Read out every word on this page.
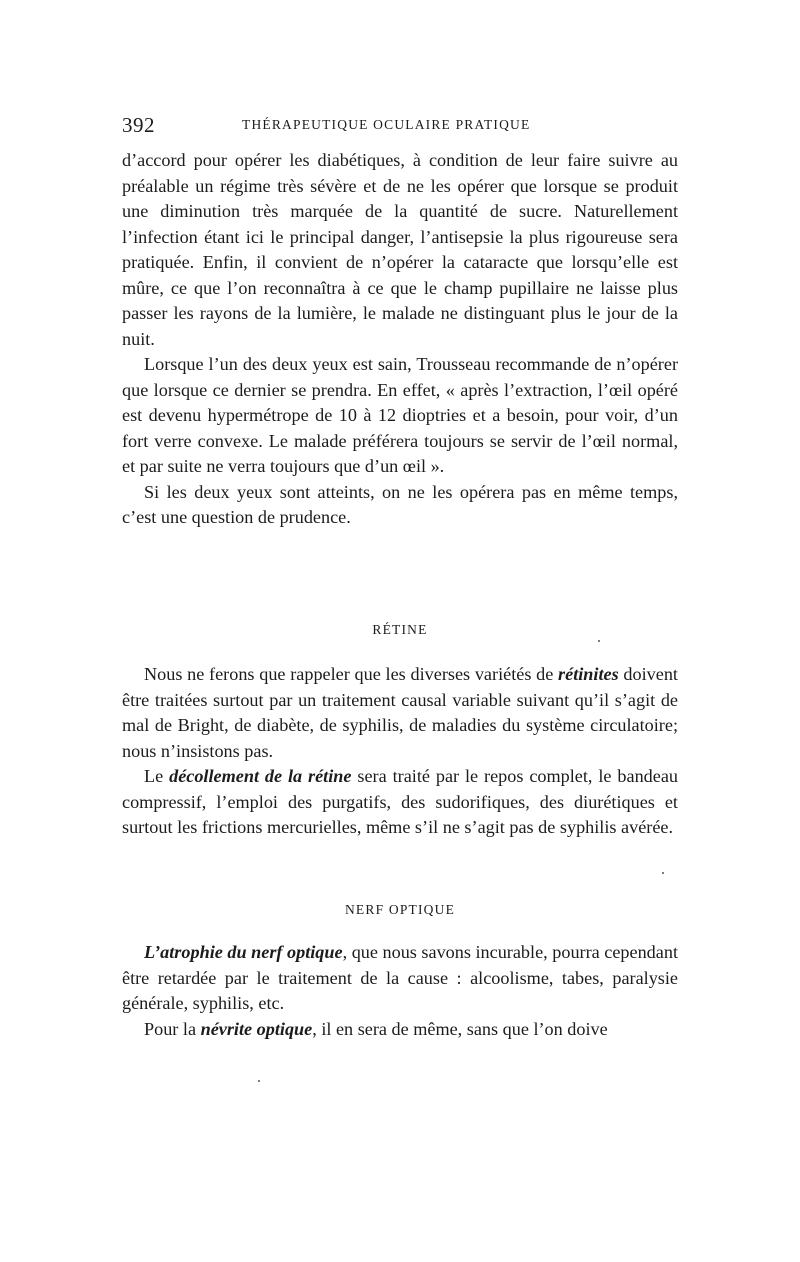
392	THÉRAPEUTIQUE OCULAIRE PRATIQUE

d’accord pour opérer les diabétiques, à condition de leur faire suivre au préalable un régime très sévère et de ne les opérer que lorsque se produit une diminution très marquée de la quantité de sucre. Naturellement l’infection étant ici le principal danger, l’antisepsie la plus rigoureuse sera pratiquée. Enfin, il convient de n’opérer la cataracte que lorsqu’elle est mûre, ce que l’on reconnaîtra à ce que le champ pupillaire ne laisse plus passer les rayons de la lumière, le malade ne distinguant plus le jour de la nuit.

Lorsque l’un des deux yeux est sain, Trousseau recommande de n’opérer que lorsque ce dernier se prendra. En effet, « après l’extraction, l’œil opéré est devenu hypermétrope de 10 à 12 dioptries et a besoin, pour voir, d’un fort verre convexe. Le malade préférera toujours se servir de l’œil normal, et par suite ne verra toujours que d’un œil ».

Si les deux yeux sont atteints, on ne les opérera pas en même temps, c’est une question de prudence.

RÉTINE

Nous ne ferons que rappeler que les diverses variétés de rétinites doivent être traitées surtout par un traitement causal variable suivant qu’il s’agit de mal de Bright, de diabète, de syphilis, de maladies du système circulatoire; nous n’insistons pas.

Le décollement de la rétine sera traité par le repos complet, le bandeau compressif, l’emploi des purgatifs, des sudorifiques, des diurétiques et surtout les frictions mercurielles, même s’il ne s’agit pas de syphilis avérée.

NERF OPTIQUE

L’atrophie du nerf optique, que nous savons incurable, pourra cependant être retardée par le traitement de la cause : alcoolisme, tabes, paralysie générale, syphilis, etc.

Pour la névrite optique, il en sera de même, sans que l’on doive
